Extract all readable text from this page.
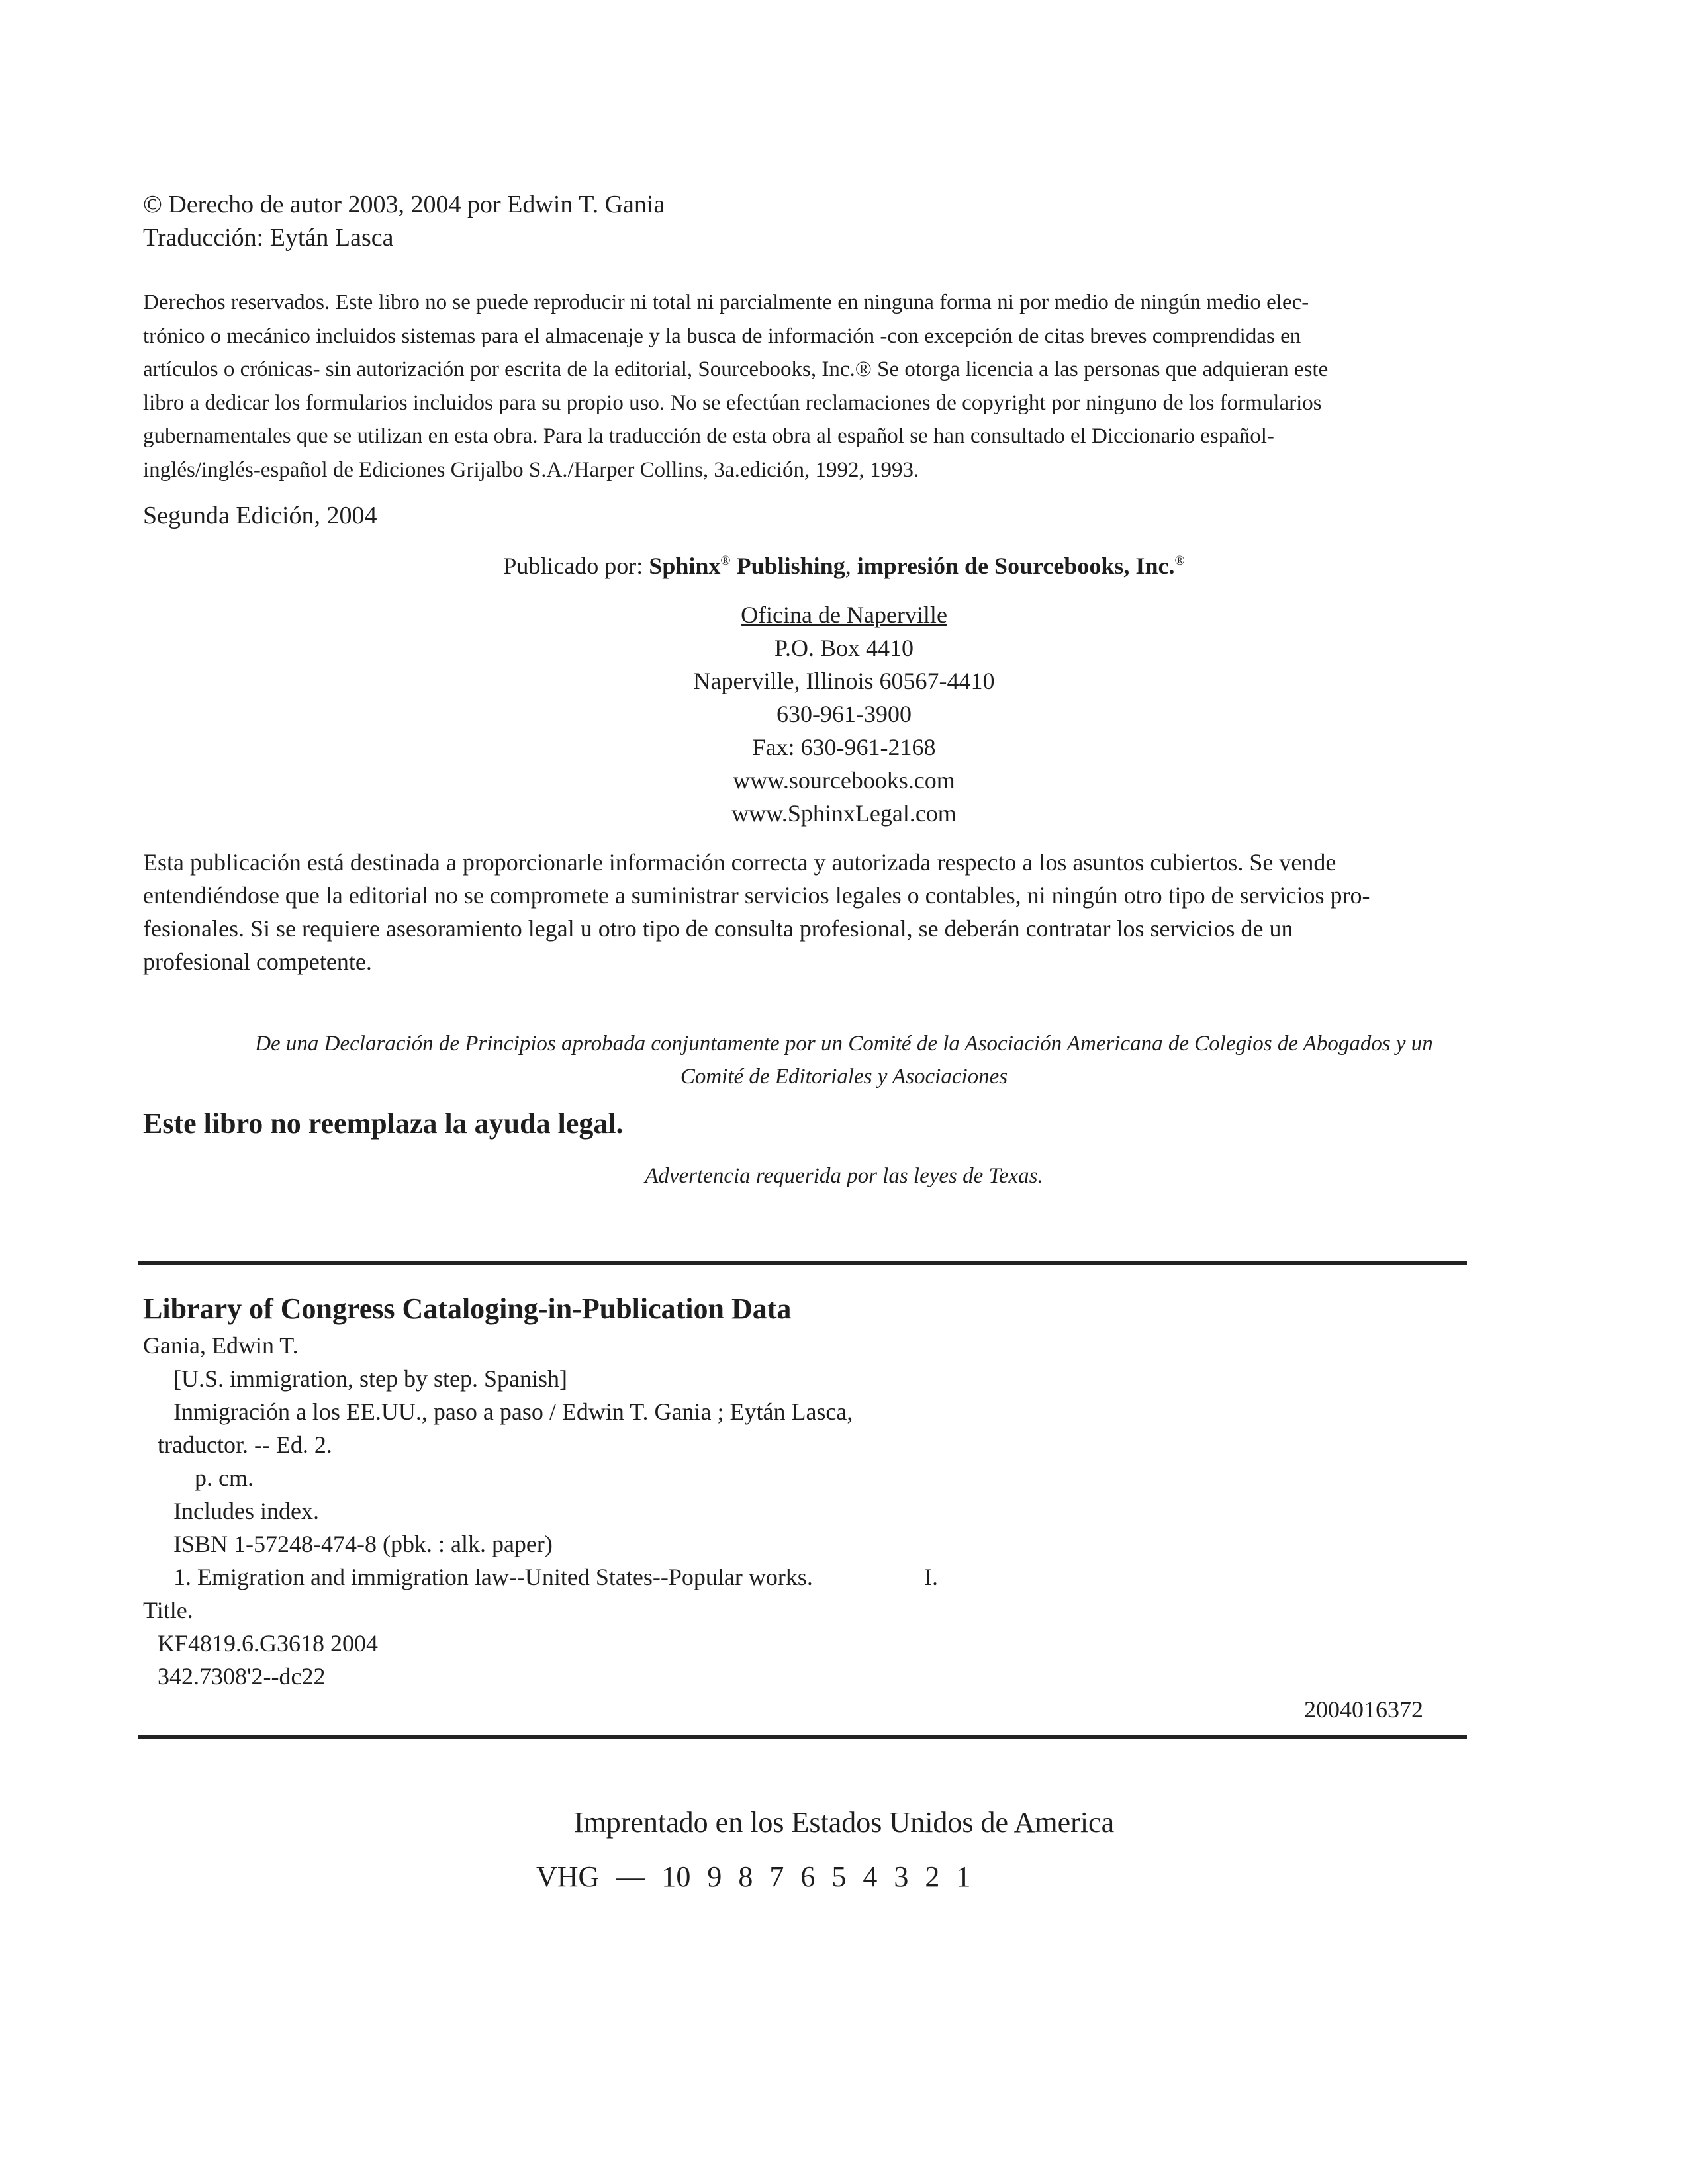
© Derecho de autor 2003, 2004 por Edwin T. Gania
Traducción: Eytán Lasca

Derechos reservados. Este libro no se puede reproducir ni total ni parcialmente en ninguna forma ni por medio de ningún medio elec-

trónico o mecánico incluidos sistemas para el almacenaje y la busca de información -con excepción de citas breves comprendidas en

artículos o crónicas- sin autorización por escrita de la editorial, Sourcebooks, Inc.® Se otorga licencia a las personas que adquieran este

libro a dedicar los formularios incluidos para su propio uso. No se efectúan reclamaciones de copyright por ninguno de los formularios

gubernamentales que se utilizan en esta obra. Para la traducción de esta obra al español se han consultado el Diccionario español-

inglés/inglés-español de Ediciones Grijalbo S.A./Harper Collins, 3a.edición, 1992, 1993.

Segunda Edición, 2004
Publicado por: Sphinx® Publishing, impresión de Sourcebooks, Inc.®
Oficina de Naperville
P.O. Box 4410
Naperville, Illinois 60567-4410
630-961-3900
Fax: 630-961-2168
www.sourcebooks.com
www.SphinxLegal.com
Esta publicación está destinada a proporcionarle información correcta y autorizada respecto a los asuntos cubiertos. Se vende
entendiéndose que la editorial no se compromete a suministrar servicios legales o contables, ni ningún otro tipo de servicios pro-
fesionales. Si se requiere asesoramiento legal u otro tipo de consulta profesional, se deberán contratar los servicios de un
profesional competente.
De una Declaración de Principios aprobada conjuntamente por un Comité de la Asociación Americana de Colegios de Abogados y un
Comité de Editoriales y Asociaciones
Este libro no reemplaza la ayuda legal.
Advertencia requerida por las leyes de Texas.
Library of Congress Cataloging-in-Publication Data
Gania, Edwin T.
[U.S. immigration, step by step. Spanish]
Inmigración a los EE.UU., paso a paso / Edwin T. Gania ; Eytán Lasca,
traductor. -- Ed. 2.
p. cm.
Includes index.
ISBN 1-57248-474-8 (pbk. : alk. paper)
1. Emigration and immigration law--United States--Popular works.	I.
Title.
KF4819.6.G3618 2004
342.7308'2--dc22
2004016372
Imprentado en los Estados Unidos de America
VHG — 10 9 8 7 6 5 4 3 2 1
